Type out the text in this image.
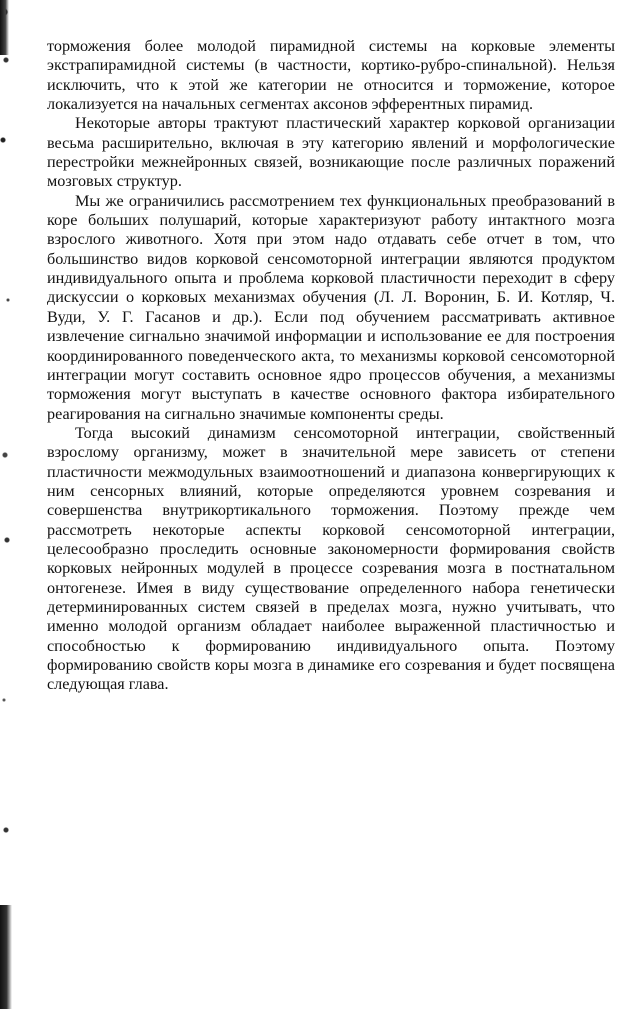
торможения более молодой пирамидной системы на корковые элементы экстрапирамидной системы (в частности, кортико-рубро-спинальной). Нельзя исключить, что к этой же категории не относится и торможение, которое локализуется на начальных сегментах аксонов эфферентных пирамид.

Некоторые авторы трактуют пластический характер корковой организации весьма расширительно, включая в эту категорию явлений и морфологические перестройки межнейронных связей, возникающие после различных поражений мозговых структур.

Мы же ограничились рассмотрением тех функциональных преобразований в коре больших полушарий, которые характеризуют работу интактного мозга взрослого животного. Хотя при этом надо отдавать себе отчет в том, что большинство видов корковой сенсомоторной интеграции являются продуктом индивидуального опыта и проблема корковой пластичности переходит в сферу дискуссии о корковых механизмах обучения (Л. Л. Воронин, Б. И. Котляр, Ч. Вуди, У. Г. Гасанов и др.). Если под обучением рассматривать активное извлечение сигнально значимой информации и использование ее для построения координированного поведенческого акта, то механизмы корковой сенсомоторной интеграции могут составить основное ядро процессов обучения, а механизмы торможения могут выступать в качестве основного фактора избирательного реагирования на сигнально значимые компоненты среды.

Тогда высокий динамизм сенсомоторной интеграции, свойственный взрослому организму, может в значительной мере зависеть от степени пластичности межмодульных взаимоотношений и диапазона конвергирующих к ним сенсорных влияний, которые определяются уровнем созревания и совершенства внутрикортикального торможения. Поэтому прежде чем рассмотреть некоторые аспекты корковой сенсомоторной интеграции, целесообразно проследить основные закономерности формирования свойств корковых нейронных модулей в процессе созревания мозга в постнатальном онтогенезе. Имея в виду существование определенного набора генетически детерминированных систем связей в пределах мозга, нужно учитывать, что именно молодой организм обладает наиболее выраженной пластичностью и способностью к формированию индивидуального опыта. Поэтому формированию свойств коры мозга в динамике его созревания и будет посвящена следующая глава.
